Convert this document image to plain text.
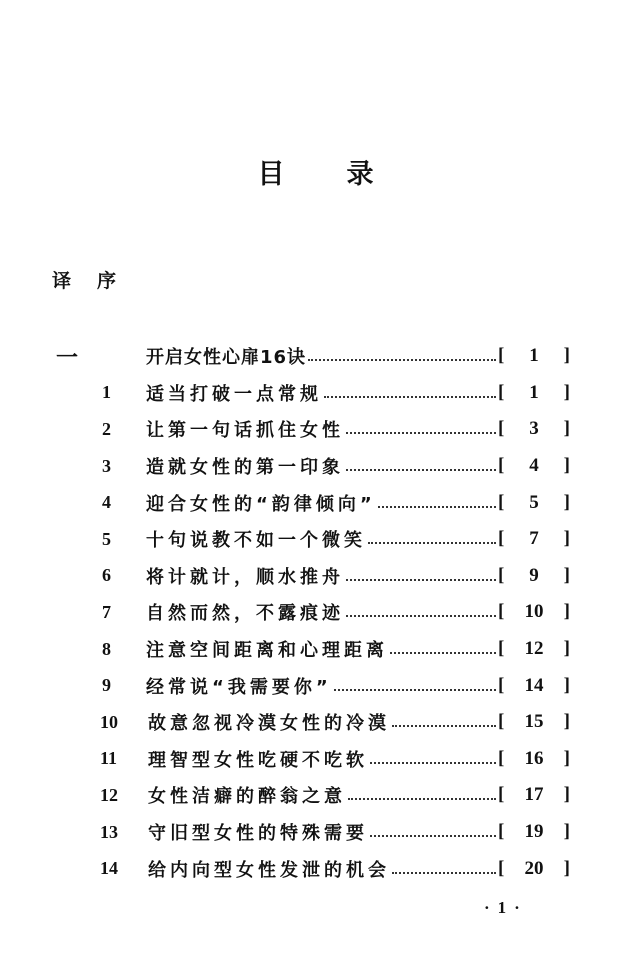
目录
译序
一	开启女性心扉16诀	[	1	]
1	适当打破一点常规	[	1	]
2	让第一句话抓住女性	[	3	]
3	造就女性的第一印象	[	4	]
4	迎合女性的“韵律倾向”	[	5	]
5	十句说教不如一个微笑	[	7	]
6	将计就计，顺水推舟	[	9	]
7	自然而然，不露痕迹	[	10	]
8	注意空间距离和心理距离	[	12	]
9	经常说“我需要你”	[	14	]
10	故意忽视冷漠女性的冷漠	[	15	]
11	理智型女性吃硬不吃软	[	16	]
12	女性洁癖的醉翁之意	[	17	]
13	守旧型女性的特殊需要	[	19	]
14	给内向型女性发泄的机会	[	20	]
·1·
